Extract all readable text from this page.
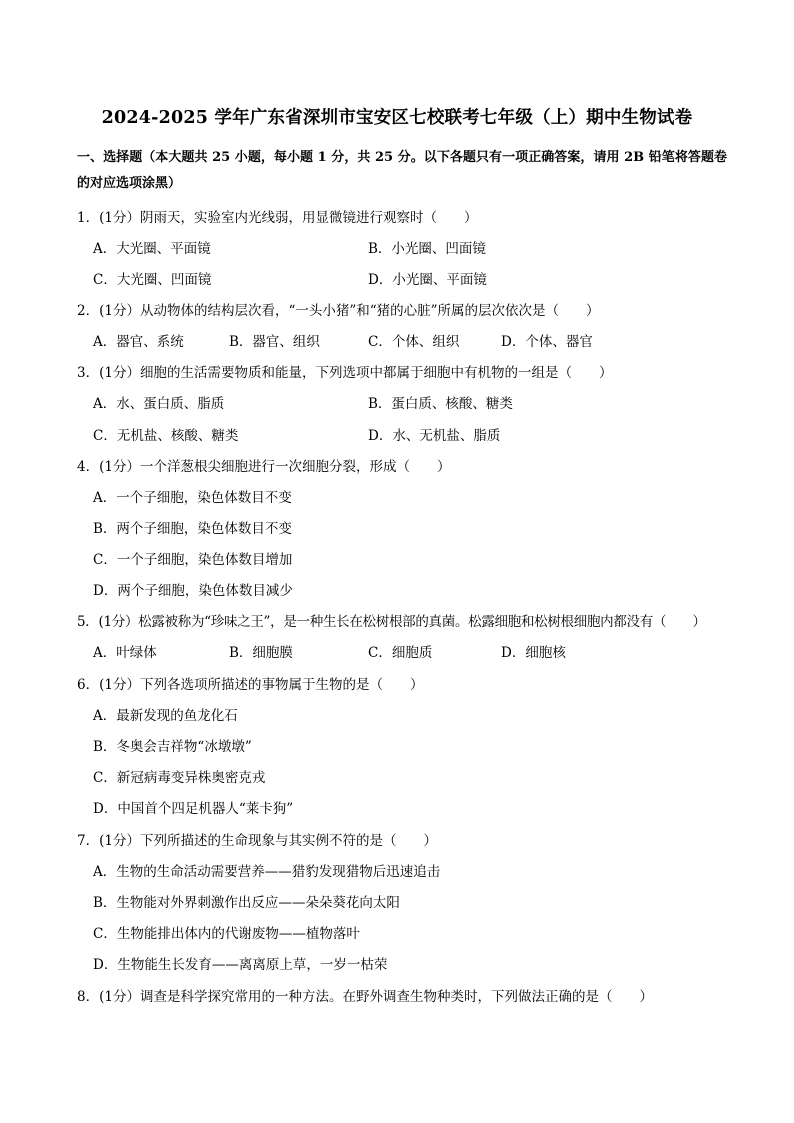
2024-2025 学年广东省深圳市宝安区七校联考七年级（上）期中生物试卷
一、选择题（本大题共 25 小题，每小题 1 分，共 25 分。以下各题只有一项正确答案，请用 2B 铅笔将答题卷的对应选项涂黑）
1．(1分）阴雨天，实验室内光线弱，用显微镜进行观察时（　　）
A．大光圈、平面镜	B．小光圈、凹面镜
C．大光圈、凹面镜	D．小光圈、平面镜
2．(1分）从动物体的结构层次看，“一头小猪”和“猪的心脏”所属的层次依次是（　　）
A．器官、系统	B．器官、组织	C．个体、组织	D．个体、器官
3．(1分）细胞的生活需要物质和能量，下列选项中都属于细胞中有机物的一组是（　　）
A．水、蛋白质、脂质	B．蛋白质、核酸、糖类
C．无机盐、核酸、糖类	D．水、无机盐、脂质
4．(1分）一个洋葱根尖细胞进行一次细胞分裂，形成（　　）
A．一个子细胞，染色体数目不变
B．两个子细胞，染色体数目不变
C．一个子细胞，染色体数目增加
D．两个子细胞，染色体数目减少
5．(1分）松露被称为“珍味之王”，是一种生长在松树根部的真菌。松露细胞和松树根细胞内都没有（　　）
A．叶绿体	B．细胞膜	C．细胞质	D．细胞核
6．(1分）下列各选项所描述的事物属于生物的是（　　）
A．最新发现的鱼龙化石
B．冬奥会吉祥物“冰墩墩”
C．新冠病毒变异株奥密克戎
D．中国首个四足机器人“莱卡狗”
7．(1分）下列所描述的生命现象与其实例不符的是（　　）
A．生物的生命活动需要营养——猎豹发现猎物后迅速追击
B．生物能对外界刺激作出反应——朵朵葵花向太阳
C．生物能排出体内的代谢废物——植物落叶
D．生物能生长发育——离离原上草，一岁一枯荣
8．(1分）调查是科学探究常用的一种方法。在野外调查生物种类时，下列做法正确的是（　　）
